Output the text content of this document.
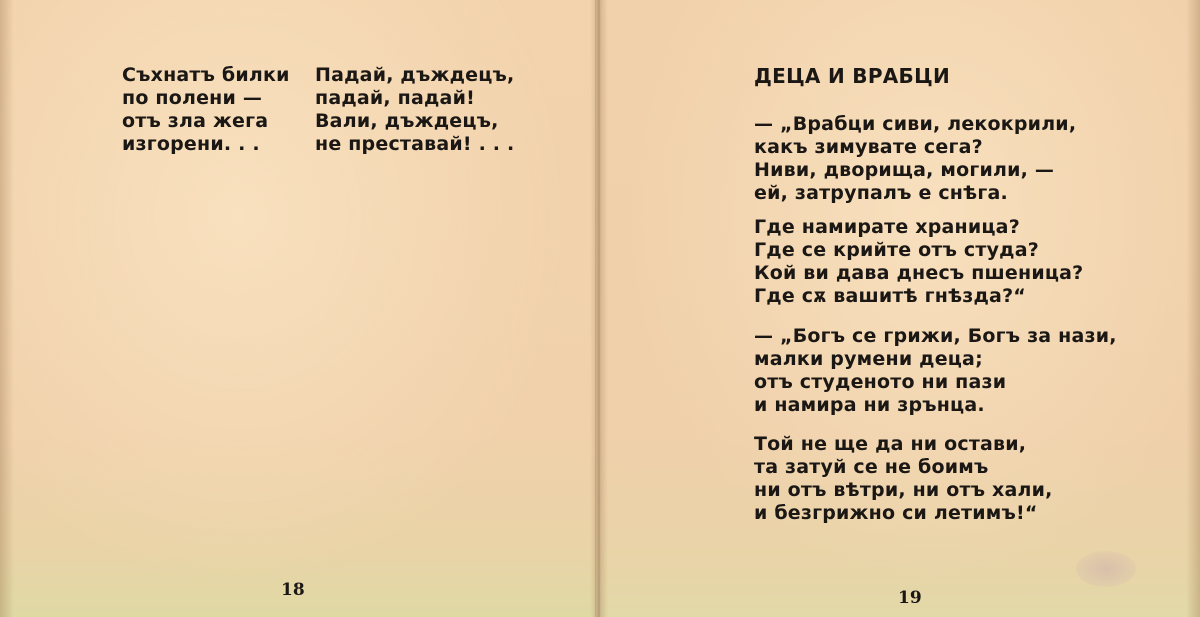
Съхнатъ билки
по полени —
отъ зла жега
изгорени. . .
Падай, дъждецъ,
падай, падай!
Вали, дъждецъ,
не преставай! . . .
18
ДЕЦА И ВРАБЦИ
— „Врабци сиви, лекокрили,
какъ зимувате сега?
Ниви, дворища, могили, —
ей, затрупалъ е снѣга.
Где намирате храница?
Где се крийте отъ студа?
Кой ви дава днесъ пшеница?
Где сѫ вашитѣ гнѣзда?“
— „Богъ се грижи, Богъ за нази,
малки румени деца;
отъ студеното ни пази
и намира ни зрънца.
Той не ще да ни остави,
та затуй се не боимъ
ни отъ вѣтри, ни отъ хали,
и безгрижно си летимъ!“
19
